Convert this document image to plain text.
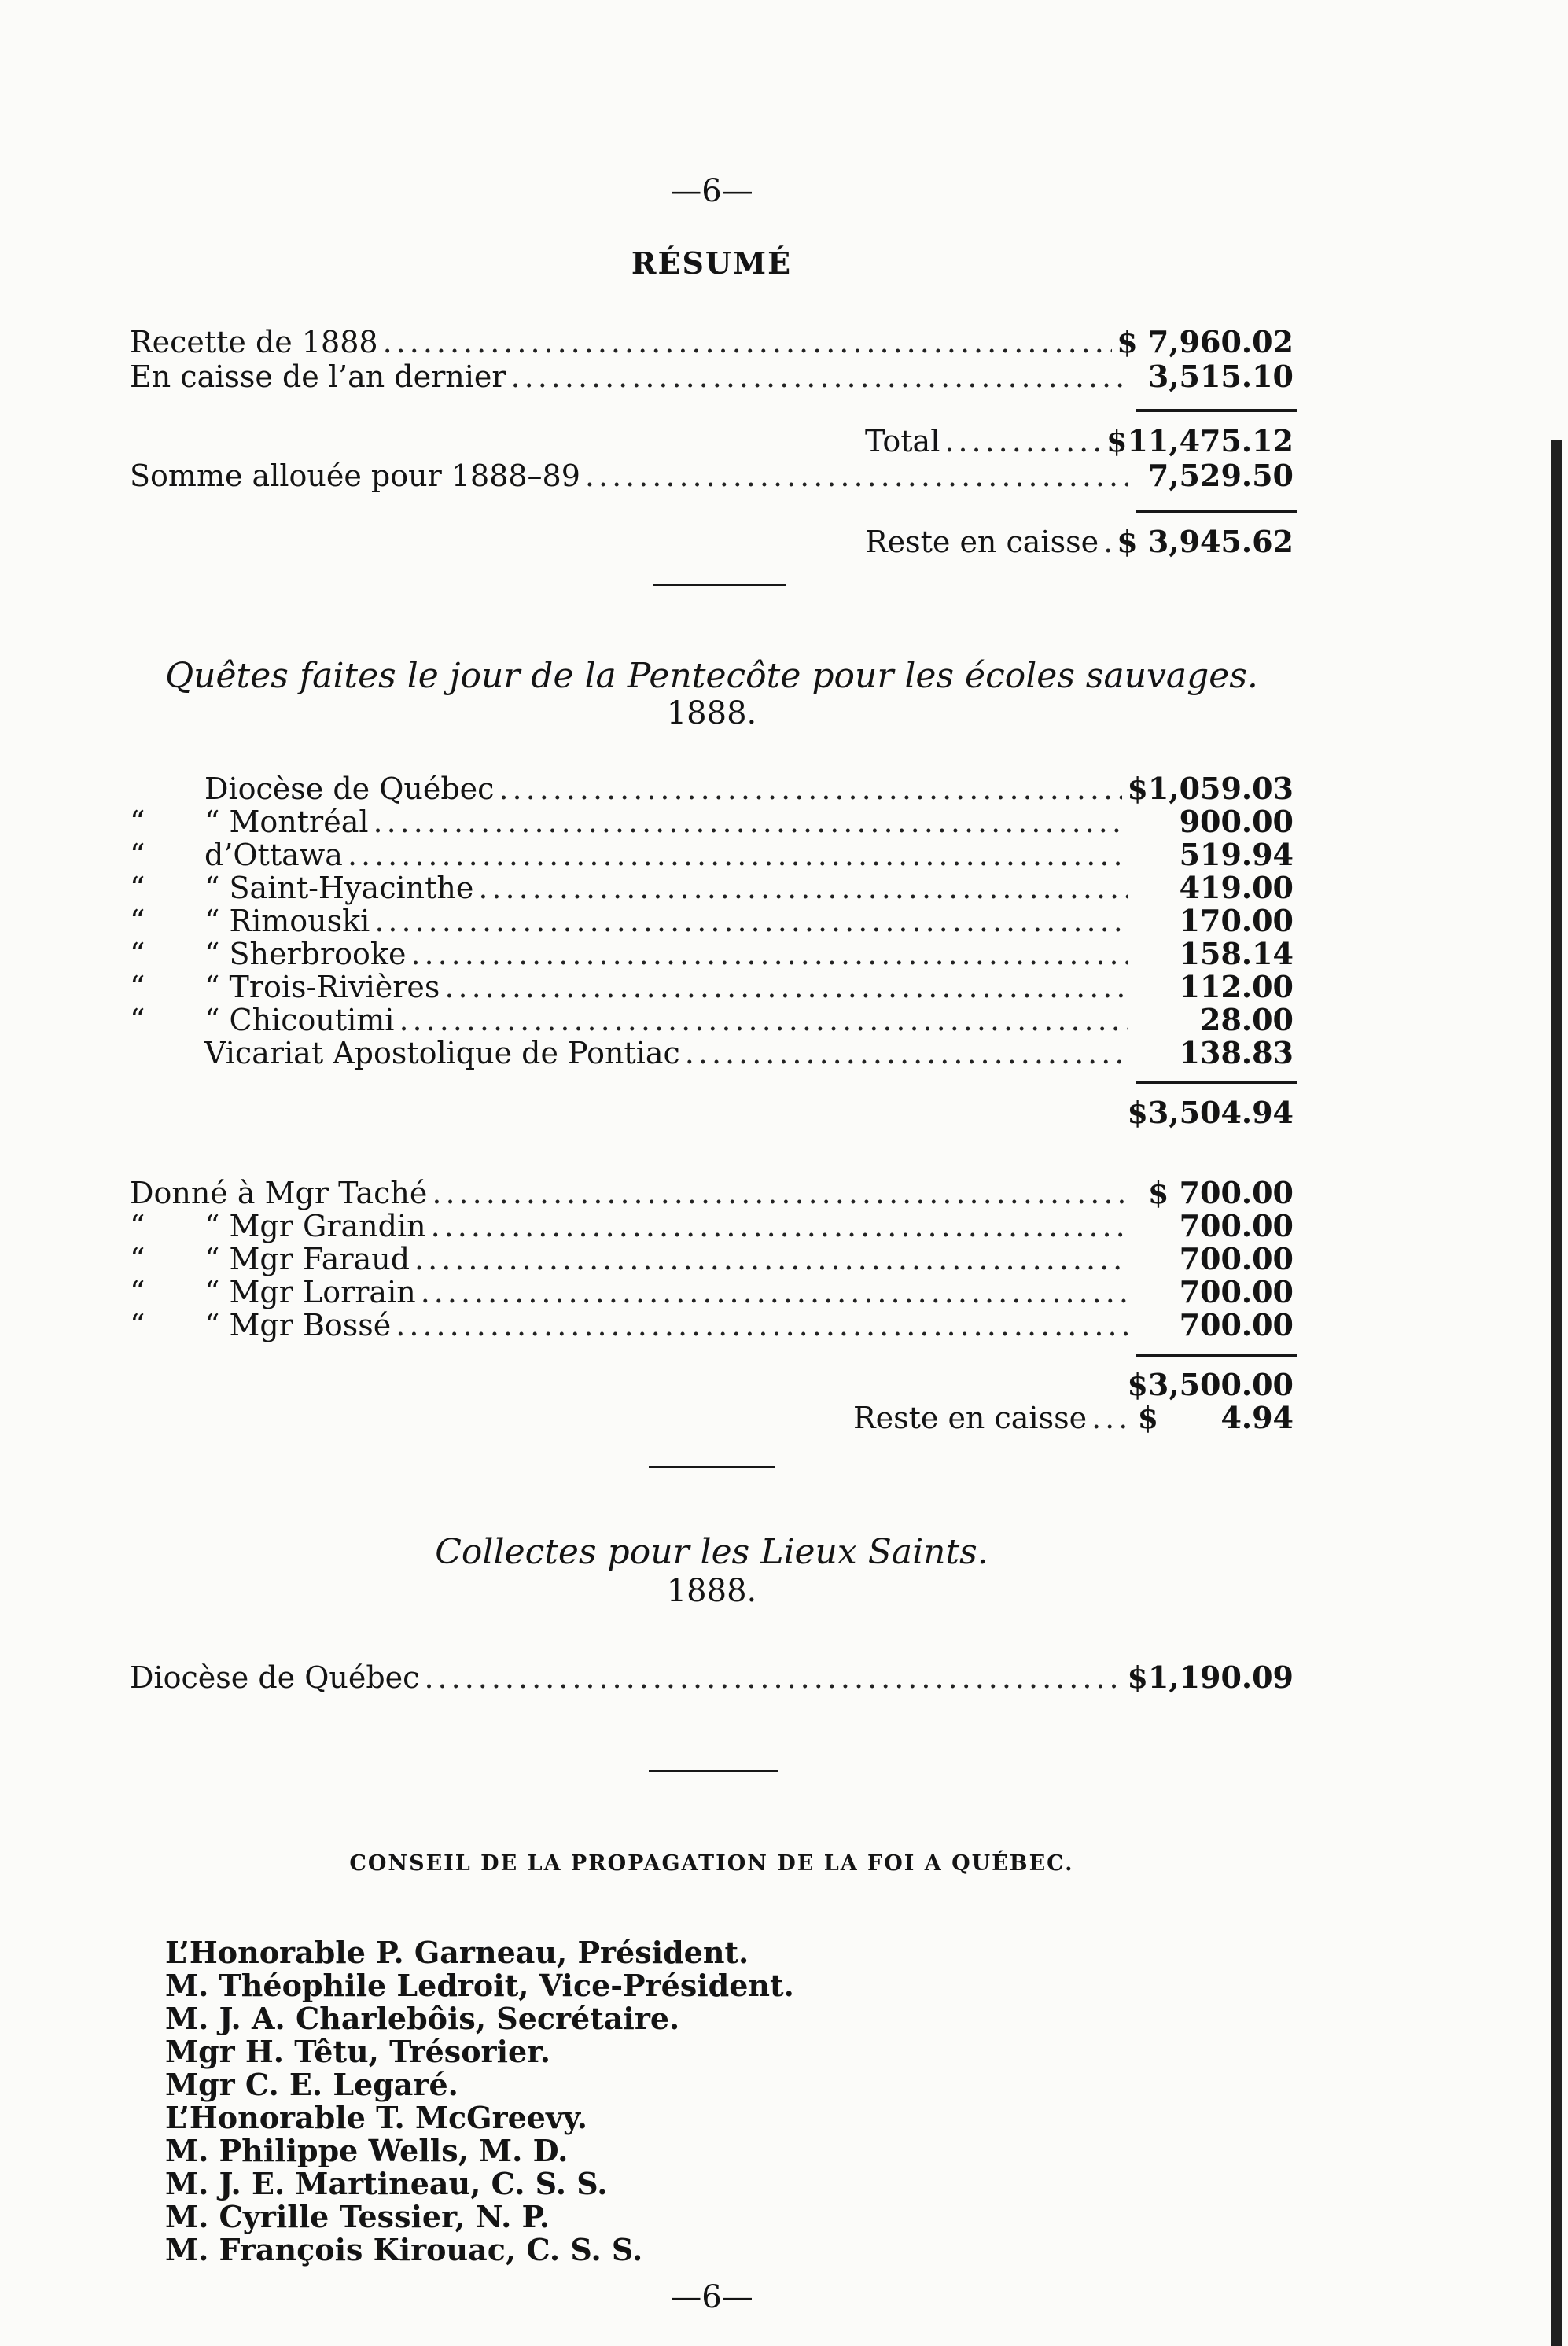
—6—
RÉSUMÉ
Recette de 1888 .....	$ 7,960.02
En caisse de l’an dernier .....	3,515.10
Total .....	$11,475.12
Somme allouée pour 1888–89 .....	7,529.50
Reste en caisse ..... $ 3,945.62
Quêtes faites le jour de la Pentecôte pour les écoles sauvages.
1888.
Diocèse de Québec .....	$1,059.03
“ “ Montréal .....	900.00
“ d’Ottawa .....	519.94
“ “ Saint-Hyacinthe .....	419.00
“ “ Rimouski .....	170.00
“ “ Sherbrooke .....	158.14
“ “ Trois-Rivières .....	112.00
“ “ Chicoutimi .....	28.00
Vicariat Apostolique de Pontiac .....	138.83
$3,504.94
Donné à Mgr Taché .....	$ 700.00
“ “ Mgr Grandin .....	700.00
“ “ Mgr Faraud .....	700.00
“ “ Mgr Lorrain .....	700.00
“ “ Mgr Bossé .....	700.00
$3,500.00
Reste en caisse ..... $      4.94
Collectes pour les Lieux Saints.
1888.
Diocèse de Québec .....	$1,190.09
CONSEIL DE LA PROPAGATION DE LA FOI A QUÉBEC.
L’Honorable P. Garneau, Président.
M. Théophile Ledroit, Vice-Président.
M. J. A. Charlebôis, Secrétaire.
Mgr H. Têtu, Trésorier.
Mgr C. E. Legaré.
L’Honorable T. McGreevy.
M. Philippe Wells, M. D.
M. J. E. Martineau, C. S. S.
M. Cyrille Tessier, N. P.
M. François Kirouac, C. S. S.
—6—
